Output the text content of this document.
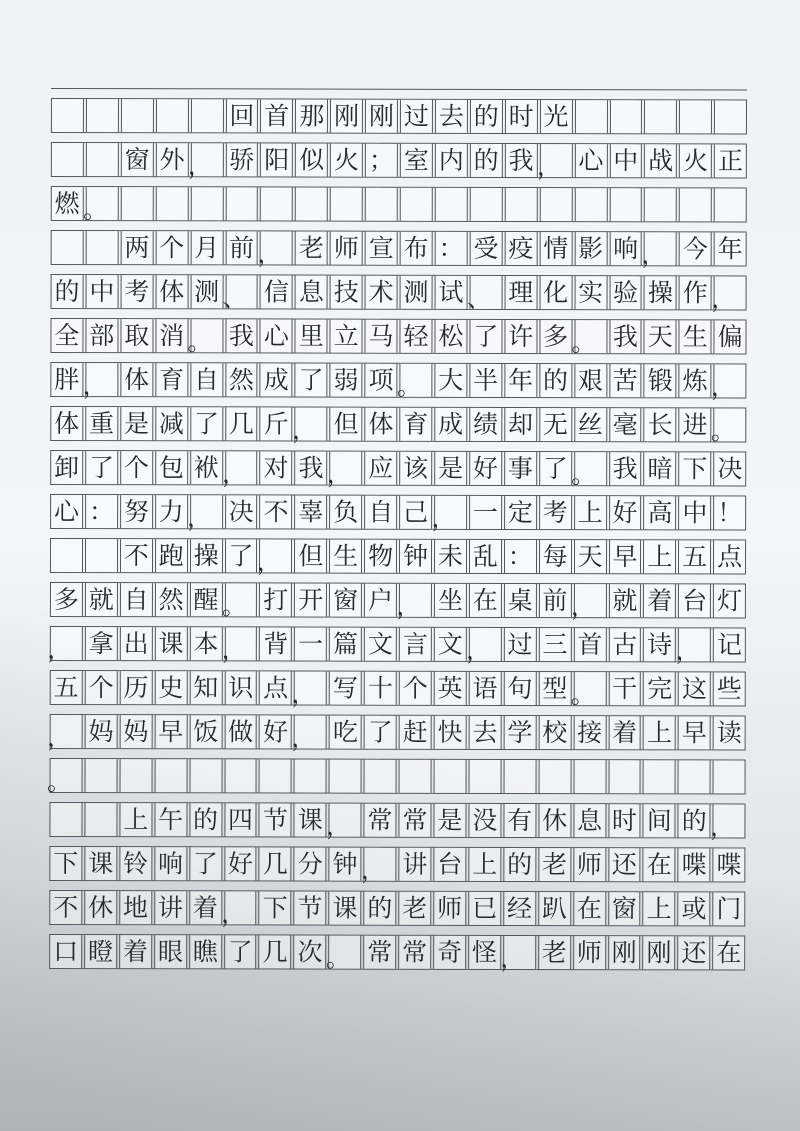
回 首 那 刚 刚 过 去 的 时 光
窗 外 ， 骄 阳 似 火 ； 室 内 的 我 ， 心 中 战 火 正
燃 。
两 个 月 前 ， 老 师 宣 布 ： 受 疫 情 影 响 ， 今 年
的 中 考 体 测 、 信 息 技 术 测 试 、 理 化 实 验 操 作 ，
全 部 取 消 。 我 心 里 立 马 轻 松 了 许 多 。 我 天 生 偏
胖 ， 体 育 自 然 成 了 弱 项 。 大 半 年 的 艰 苦 锻 炼 ，
体 重 是 减 了 几 斤 ， 但 体 育 成 绩 却 无 丝 毫 长 进 。
卸 了 个 包 袱 ， 对 我 ， 应 该 是 好 事 了 。 我 暗 下 决
心 ： 努 力 ， 决 不 辜 负 自 己 ， 一 定 考 上 好 高 中 ！
不 跑 操 了 ， 但 生 物 钟 未 乱 ： 每 天 早 上 五 点
多 就 自 然 醒 。 打 开 窗 户 ， 坐 在 桌 前 ， 就 着 台 灯
， 拿 出 课 本 ， 背 一 篇 文 言 文 ， 过 三 首 古 诗 ， 记
五 个 历 史 知 识 点 ， 写 十 个 英 语 句 型 。 干 完 这 些
， 妈 妈 早 饭 做 好 ， 吃 了 赶 快 去 学 校 接 着 上 早 读
。
上 午 的 四 节 课 ， 常 常 是 没 有 休 息 时 间 的 ，
下 课 铃 响 了 好 几 分 钟 ， 讲 台 上 的 老 师 还 在 喋 喋
不 休 地 讲 着 ， 下 节 课 的 老 师 已 经 趴 在 窗 上 或 门
口 瞪 着 眼 瞧 了 几 次 。 常 常 奇 怪 ， 老 师 刚 刚 还 在
